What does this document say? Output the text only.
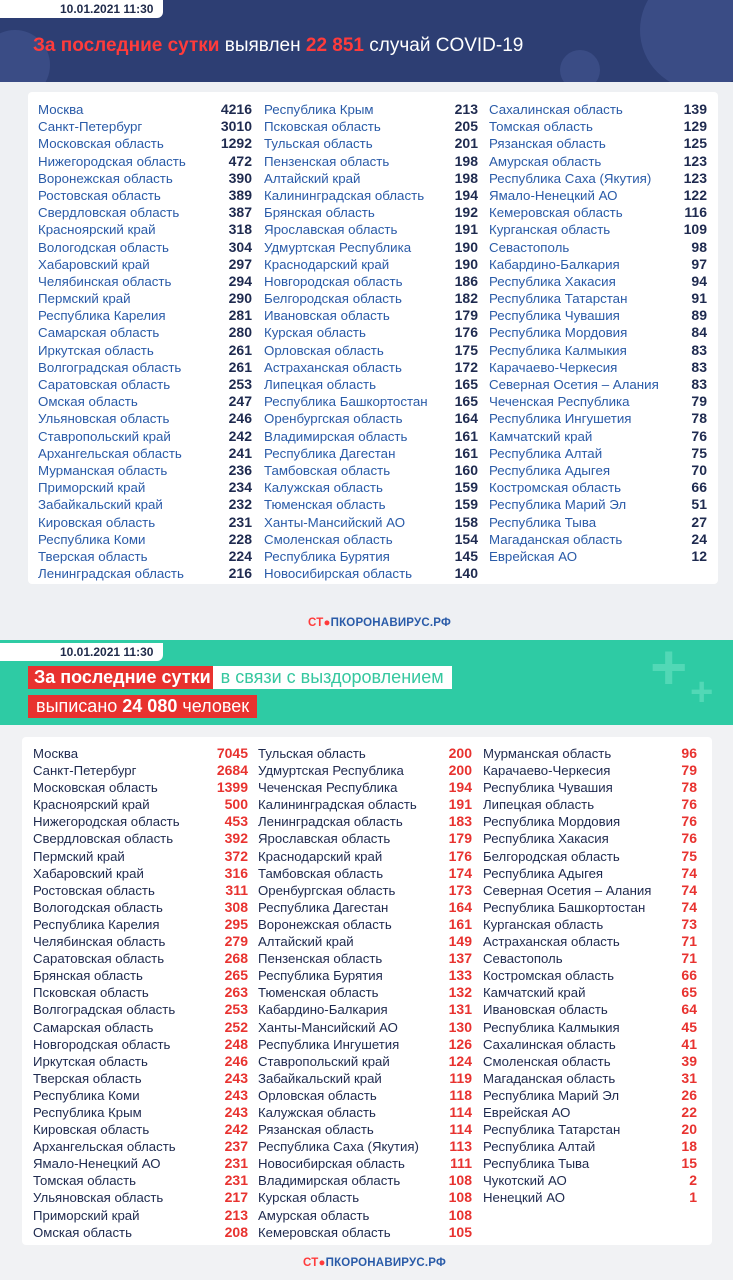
10.01.2021 11:30
За последние сутки выявлен 22 851 случай COVID-19
Москва	4216
Санкт-Петербург	3010
Московская область	1292
Нижегородская область	472
Воронежская область	390
Ростовская область	389
Свердловская область	387
Красноярский край	318
Вологодская область	304
Хабаровский край	297
Челябинская область	294
Пермский край	290
Республика Карелия	281
Самарская область	280
Иркутская область	261
Волгоградская область	261
Саратовская область	253
Омская область	247
Ульяновская область	246
Ставропольский край	242
Архангельская область	241
Мурманская область	236
Приморский край	234
Забайкальский край	232
Кировская область	231
Республика Коми	228
Тверская область	224
Ленинградская область	216
Республика Крым	213
Псковская область	205
Тульская область	201
Пензенская область	198
Алтайский край	198
Калининградская область 194
Брянская область	192
Ярославская область	191
Удмуртская Республика	190
Краснодарский край	190
Новгородская область	186
Белгородская область	182
Ивановская область	179
Курская область	176
Орловская область	175
Астраханская область	172
Липецкая область	165
Республика Башкортостан 165
Оренбургская область	164
Владимирская область	161
Республика Дагестан	161
Тамбовская область	160
Калужская область	159
Тюменская область	159
Ханты-Мансийский АО	158
Смоленская область	154
Республика Бурятия	145
Новосибирская область	140
Сахалинская область	139
Томская область	129
Рязанская область	125
Амурская область	123
Республика Саха (Якутия) 123
Ямало-Ненецкий АО	122
Кемеровская область	116
Курганская область	109
Севастополь	98
Кабардино-Балкария	97
Республика Хакасия	94
Республика Татарстан	91
Республика Чувашия	89
Республика Мордовия	84
Республика Калмыкия	83
Карачаево-Черкесия	83
Северная Осетия – Алания 83
Чеченская Республика	79
Республика Ингушетия	78
Камчатский край	76
Республика Алтай	75
Республика Адыгея	70
Костромская область	66
Республика Марий Эл	51
Республика Тыва	27
Магаданская область	24
Еврейская АО	12
СТ●ПКОРОНАВИРУС.РФ
+ +
10.01.2021 11:30
За последние сутки в связи с выздоровлением
выписано 24 080 человек
Москва	7045
Санкт-Петербург	2684
Московская область	1399
Красноярский край	500
Нижегородская область	453
Свердловская область	392
Пермский край	372
Хабаровский край	316
Ростовская область	311
Вологодская область	308
Республика Карелия	295
Челябинская область	279
Саратовская область	268
Брянская область	265
Псковская область	263
Волгоградская область	253
Самарская область	252
Новгородская область	248
Иркутская область	246
Тверская область	243
Республика Коми	243
Республика Крым	243
Кировская область	242
Архангельская область	237
Ямало-Ненецкий АО	231
Томская область	231
Ульяновская область	217
Приморский край	213
Омская область	208
Тульская область	200
Удмуртская Республика	200
Чеченская Республика	194
Калининградская область 191
Ленинградская область	183
Ярославская область	179
Краснодарский край	176
Тамбовская область	174
Оренбургская область	173
Республика Дагестан	164
Воронежская область	161
Алтайский край	149
Пензенская область	137
Республика Бурятия	133
Тюменская область	132
Кабардино-Балкария	131
Ханты-Мансийский АО	130
Республика Ингушетия	126
Ставропольский край	124
Забайкальский край	119
Орловская область	118
Калужская область	114
Рязанская область	114
Республика Саха (Якутия) 113
Новосибирская область	111
Владимирская область	108
Курская область	108
Амурская область	108
Кемеровская область	105
Мурманская область	96
Карачаево-Черкесия	79
Республика Чувашия	78
Липецкая область	76
Республика Мордовия	76
Республика Хакасия	76
Белгородская область	75
Республика Адыгея	74
Северная Осетия – Алания 74
Республика Башкортостан	74
Курганская область	73
Астраханская область	71
Севастополь	71
Костромская область	66
Камчатский край	65
Ивановская область	64
Республика Калмыкия	45
Сахалинская область	41
Смоленская область	39
Магаданская область	31
Республика Марий Эл	26
Еврейская АО	22
Республика Татарстан	20
Республика Алтай	18
Республика Тыва	15
Чукотский АО	2
Ненецкий АО	1
СТ●ПКОРОНАВИРУС.РФ
